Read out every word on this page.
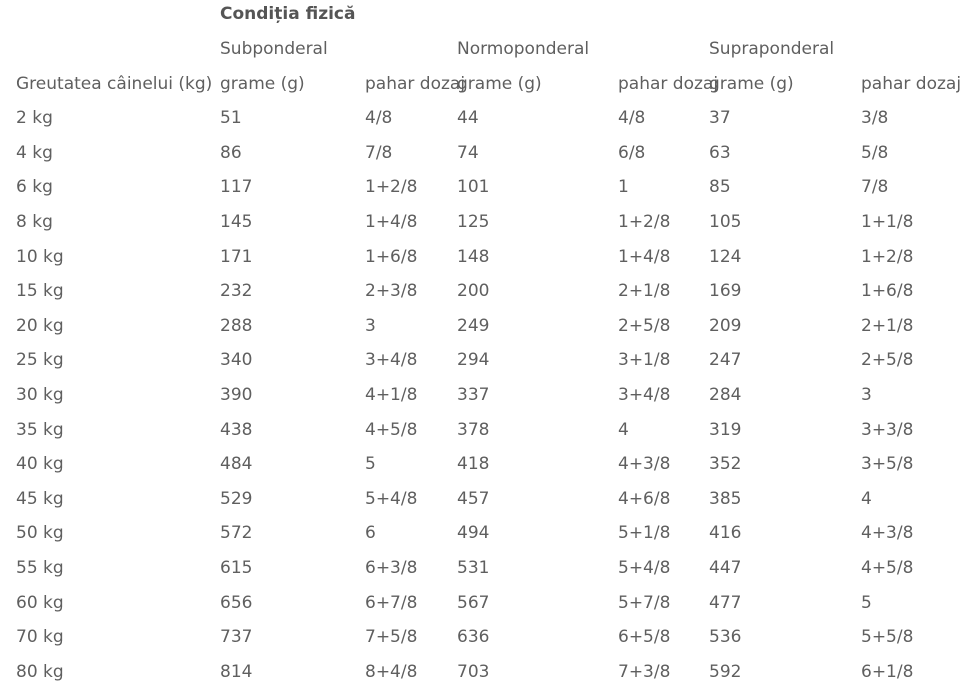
	Condiția fizică					
	Subponderal		Normoponderal		Supraponderal	
Greutatea câinelui (kg)	grame (g)	pahar dozaj	grame (g)	pahar dozaj	grame (g)	pahar dozaj
2 kg	51	4/8	44	4/8	37	3/8
4 kg	86	7/8	74	6/8	63	5/8
6 kg	117	1+2/8	101	1	85	7/8
8 kg	145	1+4/8	125	1+2/8	105	1+1/8
10 kg	171	1+6/8	148	1+4/8	124	1+2/8
15 kg	232	2+3/8	200	2+1/8	169	1+6/8
20 kg	288	3	249	2+5/8	209	2+1/8
25 kg	340	3+4/8	294	3+1/8	247	2+5/8
30 kg	390	4+1/8	337	3+4/8	284	3
35 kg	438	4+5/8	378	4	319	3+3/8
40 kg	484	5	418	4+3/8	352	3+5/8
45 kg	529	5+4/8	457	4+6/8	385	4
50 kg	572	6	494	5+1/8	416	4+3/8
55 kg	615	6+3/8	531	5+4/8	447	4+5/8
60 kg	656	6+7/8	567	5+7/8	477	5
70 kg	737	7+5/8	636	6+5/8	536	5+5/8
80 kg	814	8+4/8	703	7+3/8	592	6+1/8
